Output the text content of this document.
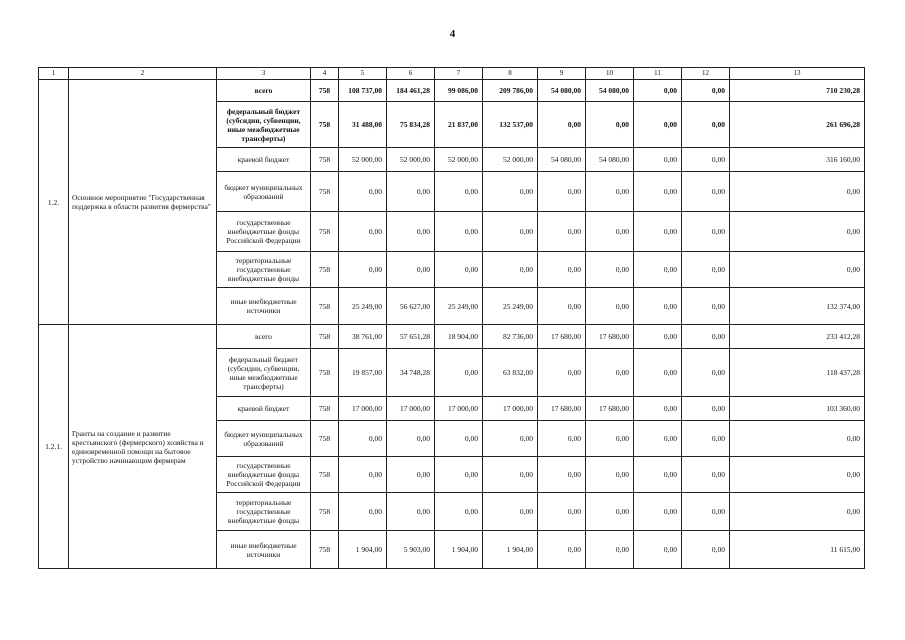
4
1	2	3	4	5	6	7	8	9	10	11	12	13
1.2.	Основное мероприятие "Государственная поддержка в области развития фермерства"	всего	758	108 737,00	184 461,28	99 086,00	209 786,00	54 080,00	54 080,00	0,00	0,00	710 230,28
		федеральный бюджет (субсидии, субвенции, иные межбюджетные трансферты)	758	31 488,00	75 834,28	21 837,00	132 537,00	0,00	0,00	0,00	0,00	261 696,28
		краевой бюджет	758	52 000,00	52 000,00	52 000,00	52 000,00	54 080,00	54 080,00	0,00	0,00	316 160,00
		бюджет муниципальных образований	758	0,00	0,00	0,00	0,00	0,00	0,00	0,00	0,00	0,00
		государственные внебюджетные фонды Российской Федерации	758	0,00	0,00	0,00	0,00	0,00	0,00	0,00	0,00	0,00
		территориальные государственные внебюджетные фонды	758	0,00	0,00	0,00	0,00	0,00	0,00	0,00	0,00	0,00
		иные внебюджетные источники	758	25 249,00	56 627,00	25 249,00	25 249,00	0,00	0,00	0,00	0,00	132 374,00
1.2.1.	Гранты на создание и развитие крестьянского (фермерского) хозяйства и единовременной помощи на бытовое устройство начинающим фермерам	всего	758	38 761,00	57 651,28	18 904,00	82 736,00	17 680,00	17 680,00	0,00	0,00	233 412,28
		федеральный бюджет (субсидии, субвенции, иные межбюджетные трансферты)	758	19 857,00	34 748,28	0,00	63 832,00	0,00	0,00	0,00	0,00	118 437,28
		краевой бюджет	758	17 000,00	17 000,00	17 000,00	17 000,00	17 680,00	17 680,00	0,00	0,00	103 360,00
		бюджет муниципальных образований	758	0,00	0,00	0,00	0,00	0,00	0,00	0,00	0,00	0,00
		государственные внебюджетные фонды Российской Федерации	758	0,00	0,00	0,00	0,00	0,00	0,00	0,00	0,00	0,00
		территориальные государственные внебюджетные фонды	758	0,00	0,00	0,00	0,00	0,00	0,00	0,00	0,00	0,00
		иные внебюджетные источники	758	1 904,00	5 903,00	1 904,00	1 904,00	0,00	0,00	0,00	0,00	11 615,00
